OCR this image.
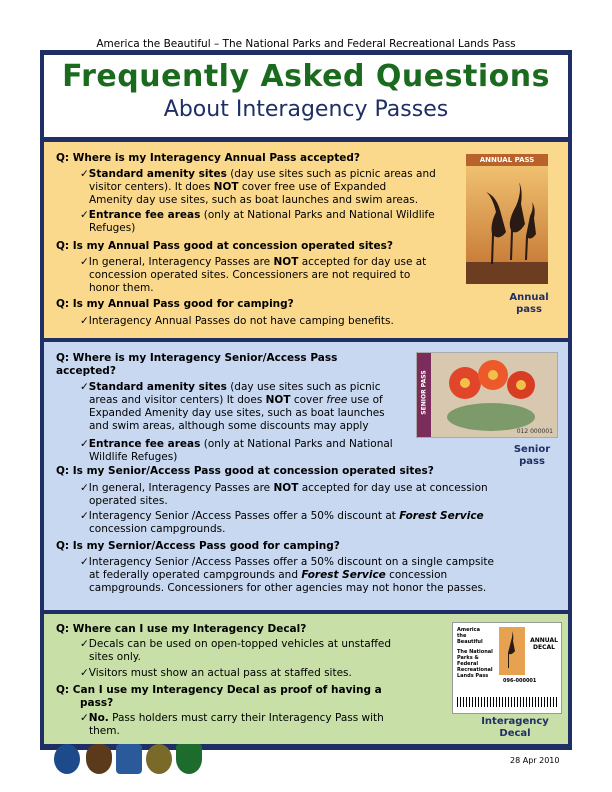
America the Beautiful – The National Parks and Federal Recreational Lands Pass
Frequently Asked Questions
About Interagency Passes
Q: Where is my Interagency Annual Pass accepted?
✓Standard amenity sites (day use sites such as picnic areas and
visitor centers). It does NOT cover free use of Expanded
Amenity day use sites, such as boat launches and swim areas.
✓Entrance fee areas (only at National Parks and National Wildlife
Refuges)
Q: Is my Annual Pass good at concession operated sites?
✓In general, Interagency Passes are NOT accepted for day use at
concession operated sites. Concessioners are not required to
honor them.
Q: Is my Annual Pass good for camping?
✓Interagency Annual Passes do not have camping benefits.
ANNUAL PASS
Annual
pass
Q: Where is my Interagency Senior/Access Pass
accepted?
✓Standard amenity sites (day use sites such as picnic
areas and visitor centers) It does NOT cover free use of
Expanded Amenity day use sites, such as boat launches
and swim areas, although some discounts may apply
✓Entrance fee areas (only at National Parks and National
Wildlife Refuges)
Q: Is my Senior/Access Pass good at concession operated sites?
✓In general, Interagency Passes are NOT accepted for day use at concession
operated sites.
✓Interagency Senior /Access Passes offer a 50% discount at Forest Service
concession campgrounds.
Q: Is my Sernior/Access Pass good for camping?
✓Interagency Senior /Access Passes offer a 50% discount on a single campsite
at federally operated campgrounds and Forest Service concession
campgrounds. Concessioners for other agencies may not honor the passes.
SENIOR PASS
012 000001
Senior
pass
Q: Where can I use my Interagency Decal?
✓Decals can be used on open-topped vehicles at unstaffed
sites only.
✓Visitors must show an actual pass at staffed sites.
Q: Can I use my Interagency Decal as proof of having a
pass?
✓No. Pass holders must carry their Interagency Pass with
them.
America
the
Beautiful
The National
Parks &
Federal
Recreational
Lands Pass
ANNUAL
DECAL
096-000001
Interagency
Decal
28 Apr 2010
